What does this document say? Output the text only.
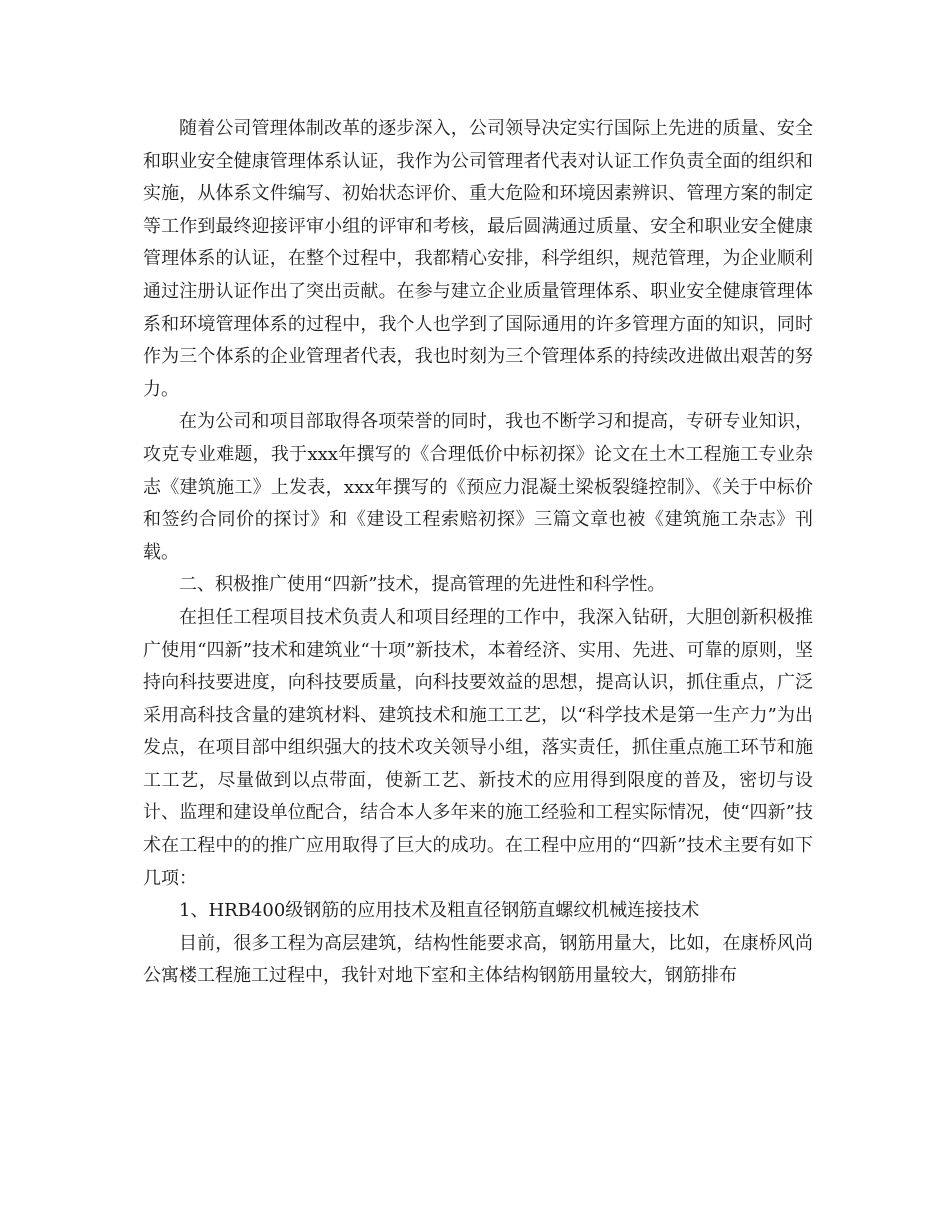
随着公司管理体制改革的逐步深入，公司领导决定实行国际上先进的质量、安全和职业安全健康管理体系认证，我作为公司管理者代表对认证工作负责全面的组织和实施，从体系文件编写、初始状态评价、重大危险和环境因素辨识、管理方案的制定等工作到最终迎接评审小组的评审和考核，最后圆满通过质量、安全和职业安全健康管理体系的认证，在整个过程中，我都精心安排，科学组织，规范管理，为企业顺利通过注册认证作出了突出贡献。在参与建立企业质量管理体系、职业安全健康管理体系和环境管理体系的过程中，我个人也学到了国际通用的许多管理方面的知识，同时作为三个体系的企业管理者代表，我也时刻为三个管理体系的持续改进做出艰苦的努力。

在为公司和项目部取得各项荣誉的同时，我也不断学习和提高，专研专业知识，攻克专业难题，我于xxx年撰写的《合理低价中标初探》论文在土木工程施工专业杂志《建筑施工》上发表，xxx年撰写的《预应力混凝土梁板裂缝控制》、《关于中标价和签约合同价的探讨》和《建设工程索赔初探》三篇文章也被《建筑施工杂志》刊载。

二、积极推广使用“四新”技术，提高管理的先进性和科学性。

在担任工程项目技术负责人和项目经理的工作中，我深入钻研，大胆创新积极推广使用“四新”技术和建筑业“十项”新技术，本着经济、实用、先进、可靠的原则，坚持向科技要进度，向科技要质量，向科技要效益的思想，提高认识，抓住重点，广泛采用高科技含量的建筑材料、建筑技术和施工工艺，以“科学技术是第一生产力”为出发点，在项目部中组织强大的技术攻关领导小组，落实责任，抓住重点施工环节和施工工艺，尽量做到以点带面，使新工艺、新技术的应用得到限度的普及，密切与设计、监理和建设单位配合，结合本人多年来的施工经验和工程实际情况，使“四新”技术在工程中的的推广应用取得了巨大的成功。在工程中应用的“四新”技术主要有如下几项：

1、HRB400级钢筋的应用技术及粗直径钢筋直螺纹机械连接技术

目前，很多工程为高层建筑，结构性能要求高，钢筋用量大，比如，在康桥风尚公寓楼工程施工过程中，我针对地下室和主体结构钢筋用量较大，钢筋排布
